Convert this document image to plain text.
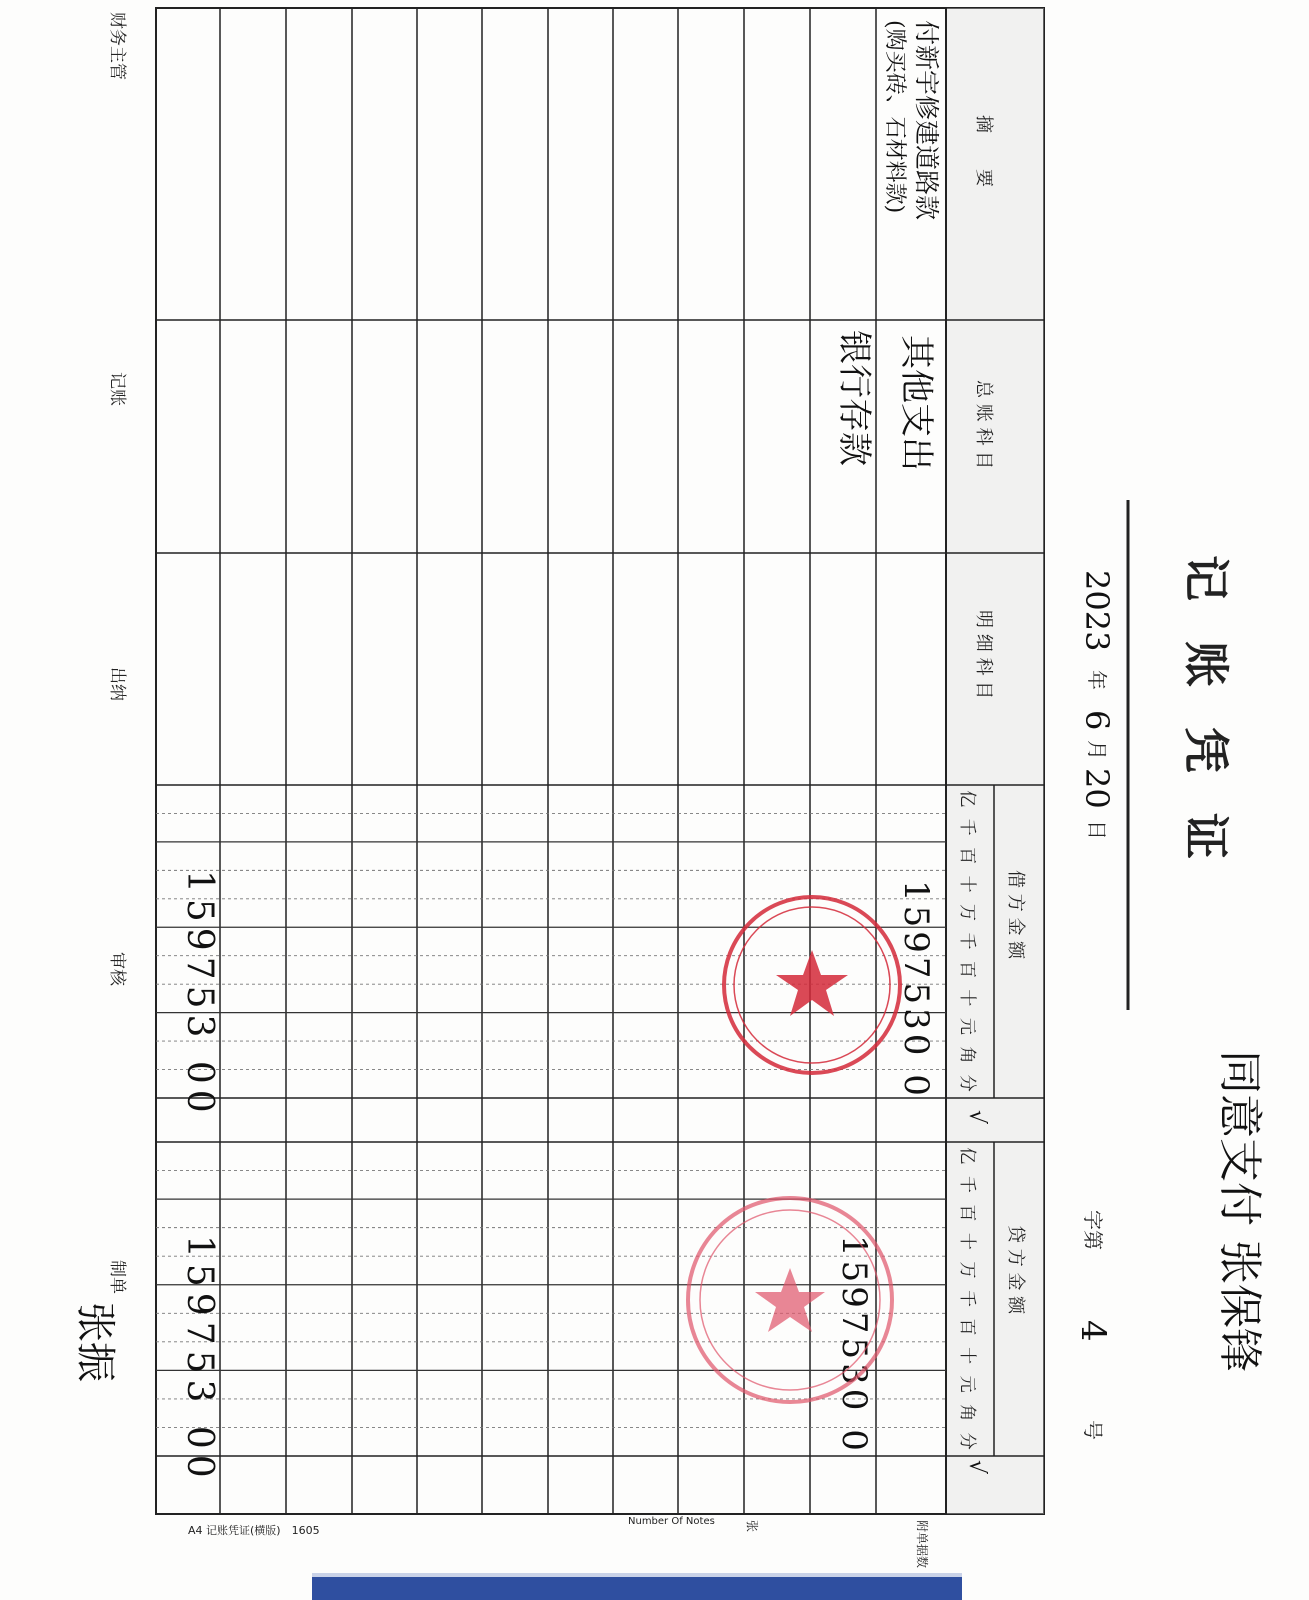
摘　　要
总 账 科 目
明 细 科 目
借 方 金 额
贷 方 金 额
亿
千
百
十
万
千
百
十
元
角
分
亿
千
百
十
万
千
百
十
元
角
分
√
√
付新宇修建道路款
(购买砖、石材料款)
其他支出
1597530 0
银行存款
1597530 0
159753 00
159753 00
记 账 凭 证
2023
年
6
月
20
日
字第
4
号
同意支付 张保锋
附单据数
张
Number Of Notes
A4 记账凭证(横版)　1605
财务主管
记账
出纳
审核
制单
张振
